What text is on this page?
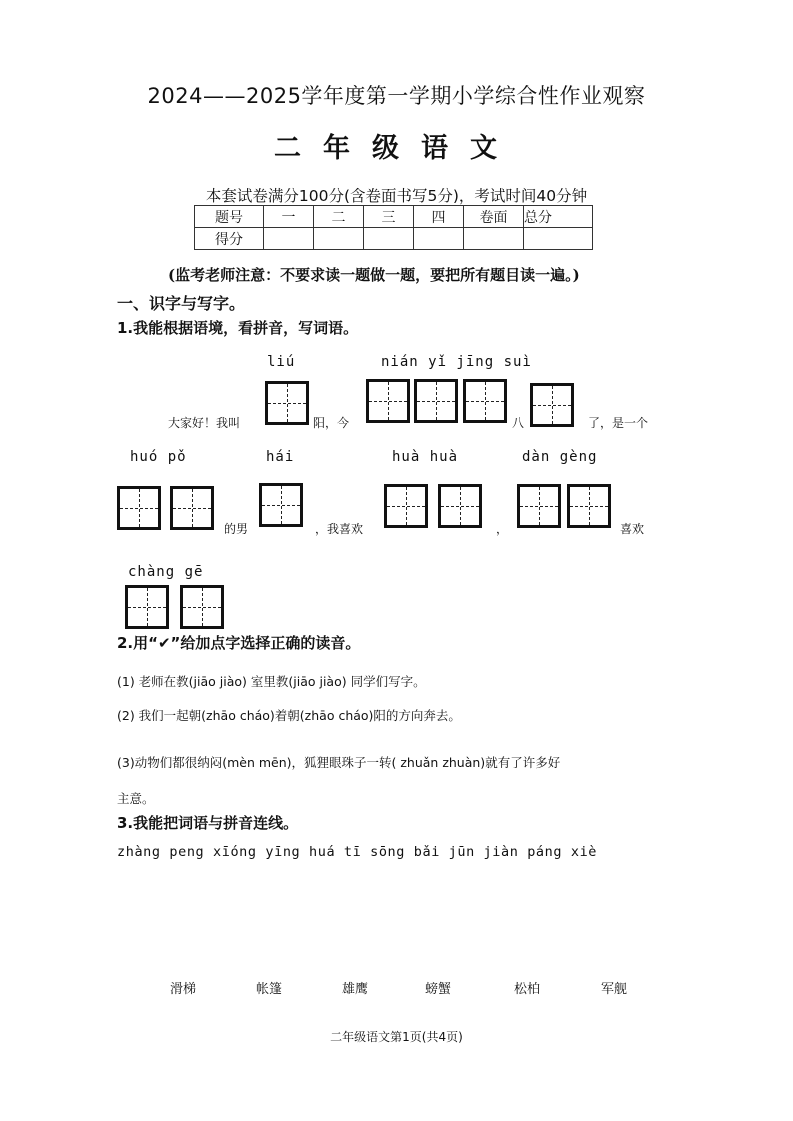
2024——2025学年度第一学期小学综合性作业观察
二年级语文
本套试卷满分100分(含卷面书写5分)，考试时间40分钟
题号	一	二	三	四	卷面	总分
得分						
(监考老师注意：不要求读一题做一题，要把所有题目读一遍。)
一、识字与写字。
1.我能根据语境，看拼音，写词语。
liú	nián yǐ jīng suì
大家好！我叫	阳，今	八	了，是一个
huó pǒ	hái	huà huà	dàn gèng
的男	，我喜欢	，	喜欢
chàng gē
2.用“✔”给加点字选择正确的读音。
(1) 老师在教(jiāo jiào) 室里教(jiāo jiào) 同学们写字。
(2) 我们一起朝(zhāo cháo)着朝(zhāo cháo)阳的方向奔去。
(3)动物们都很纳闷(mèn mēn)，狐狸眼珠子一转( zhuǎn zhuàn)就有了许多好
主意。
3.我能把词语与拼音连线。
zhàng peng xīóng yīng huá tī sōng bǎi jūn jiàn páng xiè
滑梯	帐篷	雄鹰	螃蟹	松柏	军舰
二年级语文第1页(共4页)
